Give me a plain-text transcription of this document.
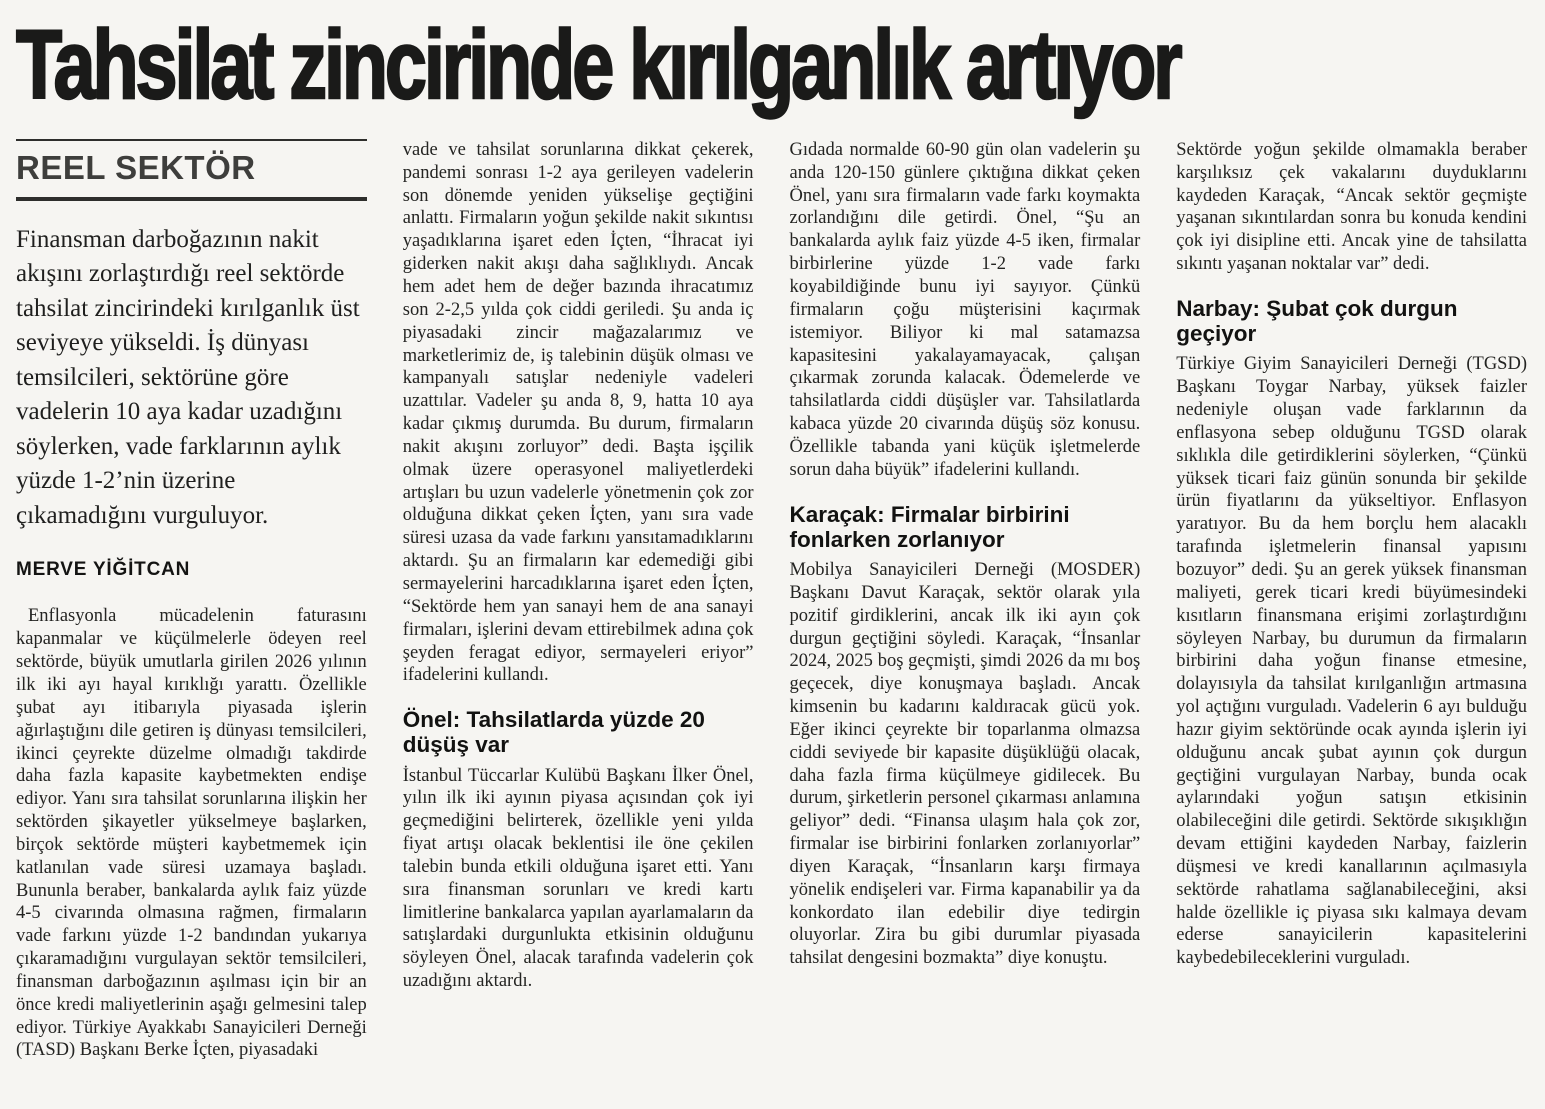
Tahsilat zincirinde kırılganlık artıyor
REEL SEKTÖR

Finansman darboğazının nakit akışını zorlaştırdığı reel sektörde tahsilat zincirindeki kırılganlık üst seviyeye yükseldi. İş dünyası temsilcileri, sektörüne göre vadelerin 10 aya kadar uzadığını söylerken, vade farklarının aylık yüzde 1-2’nin üzerine çıkamadığını vurguluyor.

MERVE YİĞİTCAN

Enflasyonla mücadelenin faturasını kapanmalar ve küçülmelerle ödeyen reel sektörde, büyük umutlarla girilen 2026 yılının ilk iki ayı hayal kırıklığı yarattı. Özellikle şubat ayı itibarıyla piyasada işlerin ağırlaştığını dile getiren iş dünyası temsilcileri, ikinci çeyrekte düzelme olmadığı takdirde daha fazla kapasite kaybetmekten endişe ediyor. Yanı sıra tahsilat sorunlarına ilişkin her sektörden şikayetler yükselmeye başlarken, birçok sektörde müşteri kaybetmemek için katlanılan vade süresi uzamaya başladı. Bununla beraber, bankalarda aylık faiz yüzde 4-5 civarında olmasına rağmen, firmaların vade farkını yüzde 1-2 bandından yukarıya çıkaramadığını vurgulayan sektör temsilcileri, finansman darboğazının aşılması için bir an önce kredi maliyetlerinin aşağı gelmesini talep ediyor. Türkiye Ayakkabı Sanayicileri Derneği (TASD) Başkanı Berke İçten, piyasadaki

vade ve tahsilat sorunlarına dikkat çekerek, pandemi sonrası 1-2 aya gerileyen vadelerin son dönemde yeniden yükselişe geçtiğini anlattı. Firmaların yoğun şekilde nakit sıkıntısı yaşadıklarına işaret eden İçten, “İhracat iyi giderken nakit akışı daha sağlıklıydı. Ancak hem adet hem de değer bazında ihracatımız son 2-2,5 yılda çok ciddi geriledi. Şu anda iç piyasadaki zincir mağazalarımız ve marketlerimiz de, iş talebinin düşük olması ve kampanyalı satışlar nedeniyle vadeleri uzattılar. Vadeler şu anda 8, 9, hatta 10 aya kadar çıkmış durumda. Bu durum, firmaların nakit akışını zorluyor” dedi. Başta işçilik olmak üzere operasyonel maliyetlerdeki artışları bu uzun vadelerle yönetmenin çok zor olduğuna dikkat çeken İçten, yanı sıra vade süresi uzasa da vade farkını yansıtamadıklarını aktardı. Şu an firmaların kar edemediği gibi sermayelerini harcadıklarına işaret eden İçten, “Sektörde hem yan sanayi hem de ana sanayi firmaları, işlerini devam ettirebilmek adına çok şeyden feragat ediyor, sermayeleri eriyor” ifadelerini kullandı.

Önel: Tahsilatlarda yüzde 20 düşüş var

İstanbul Tüccarlar Kulübü Başkanı İlker Önel, yılın ilk iki ayının piyasa açısından çok iyi geçmediğini belirterek, özellikle yeni yılda fiyat artışı olacak beklentisi ile öne çekilen talebin bunda etkili olduğuna işaret etti. Yanı sıra finansman sorunları ve kredi kartı limitlerine bankalarca yapılan ayarlamaların da satışlardaki durgunlukta etkisinin olduğunu söyleyen Önel, alacak tarafında vadelerin çok uzadığını aktardı.

Gıdada normalde 60-90 gün olan vadelerin şu anda 120-150 günlere çıktığına dikkat çeken Önel, yanı sıra firmaların vade farkı koymakta zorlandığını dile getirdi. Önel, “Şu an bankalarda aylık faiz yüzde 4-5 iken, firmalar birbirlerine yüzde 1-2 vade farkı koyabildiğinde bunu iyi sayıyor. Çünkü firmaların çoğu müşterisini kaçırmak istemiyor. Biliyor ki mal satamazsa kapasitesini yakalayamayacak, çalışan çıkarmak zorunda kalacak. Ödemelerde ve tahsilatlarda ciddi düşüşler var. Tahsilatlarda kabaca yüzde 20 civarında düşüş söz konusu. Özellikle tabanda yani küçük işletmelerde sorun daha büyük” ifadelerini kullandı.

Karaçak: Firmalar birbirini fonlarken zorlanıyor

Mobilya Sanayicileri Derneği (MOSDER) Başkanı Davut Karaçak, sektör olarak yıla pozitif girdiklerini, ancak ilk iki ayın çok durgun geçtiğini söyledi. Karaçak, “İnsanlar 2024, 2025 boş geçmişti, şimdi 2026 da mı boş geçecek, diye konuşmaya başladı. Ancak kimsenin bu kadarını kaldıracak gücü yok. Eğer ikinci çeyrekte bir toparlanma olmazsa ciddi seviyede bir kapasite düşüklüğü olacak, daha fazla firma küçülmeye gidilecek. Bu durum, şirketlerin personel çıkarması anlamına geliyor” dedi. “Finansa ulaşım hala çok zor, firmalar ise birbirini fonlarken zorlanıyorlar” diyen Karaçak, “İnsanların karşı firmaya yönelik endişeleri var. Firma kapanabilir ya da konkordato ilan edebilir diye tedirgin oluyorlar. Zira bu gibi durumlar piyasada tahsilat dengesini bozmakta” diye konuştu.

Sektörde yoğun şekilde olmamakla beraber karşılıksız çek vakalarını duyduklarını kaydeden Karaçak, “Ancak sektör geçmişte yaşanan sıkıntılardan sonra bu konuda kendini çok iyi disipline etti. Ancak yine de tahsilatta sıkıntı yaşanan noktalar var” dedi.

Narbay: Şubat çok durgun geçiyor

Türkiye Giyim Sanayicileri Derneği (TGSD) Başkanı Toygar Narbay, yüksek faizler nedeniyle oluşan vade farklarının da enflasyona sebep olduğunu TGSD olarak sıklıkla dile getirdiklerini söylerken, “Çünkü yüksek ticari faiz günün sonunda bir şekilde ürün fiyatlarını da yükseltiyor. Enflasyon yaratıyor. Bu da hem borçlu hem alacaklı tarafında işletmelerin finansal yapısını bozuyor” dedi. Şu an gerek yüksek finansman maliyeti, gerek ticari kredi büyümesindeki kısıtların finansmana erişimi zorlaştırdığını söyleyen Narbay, bu durumun da firmaların birbirini daha yoğun finanse etmesine, dolayısıyla da tahsilat kırılganlığın artmasına yol açtığını vurguladı. Vadelerin 6 ayı bulduğu hazır giyim sektöründe ocak ayında işlerin iyi olduğunu ancak şubat ayının çok durgun geçtiğini vurgulayan Narbay, bunda ocak aylarındaki yoğun satışın etkisinin olabileceğini dile getirdi. Sektörde sıkışıklığın devam ettiğini kaydeden Narbay, faizlerin düşmesi ve kredi kanallarının açılmasıyla sektörde rahatlama sağlanabileceğini, aksi halde özellikle iç piyasa sıkı kalmaya devam ederse sanayicilerin kapasitelerini kaybedebileceklerini vurguladı.
